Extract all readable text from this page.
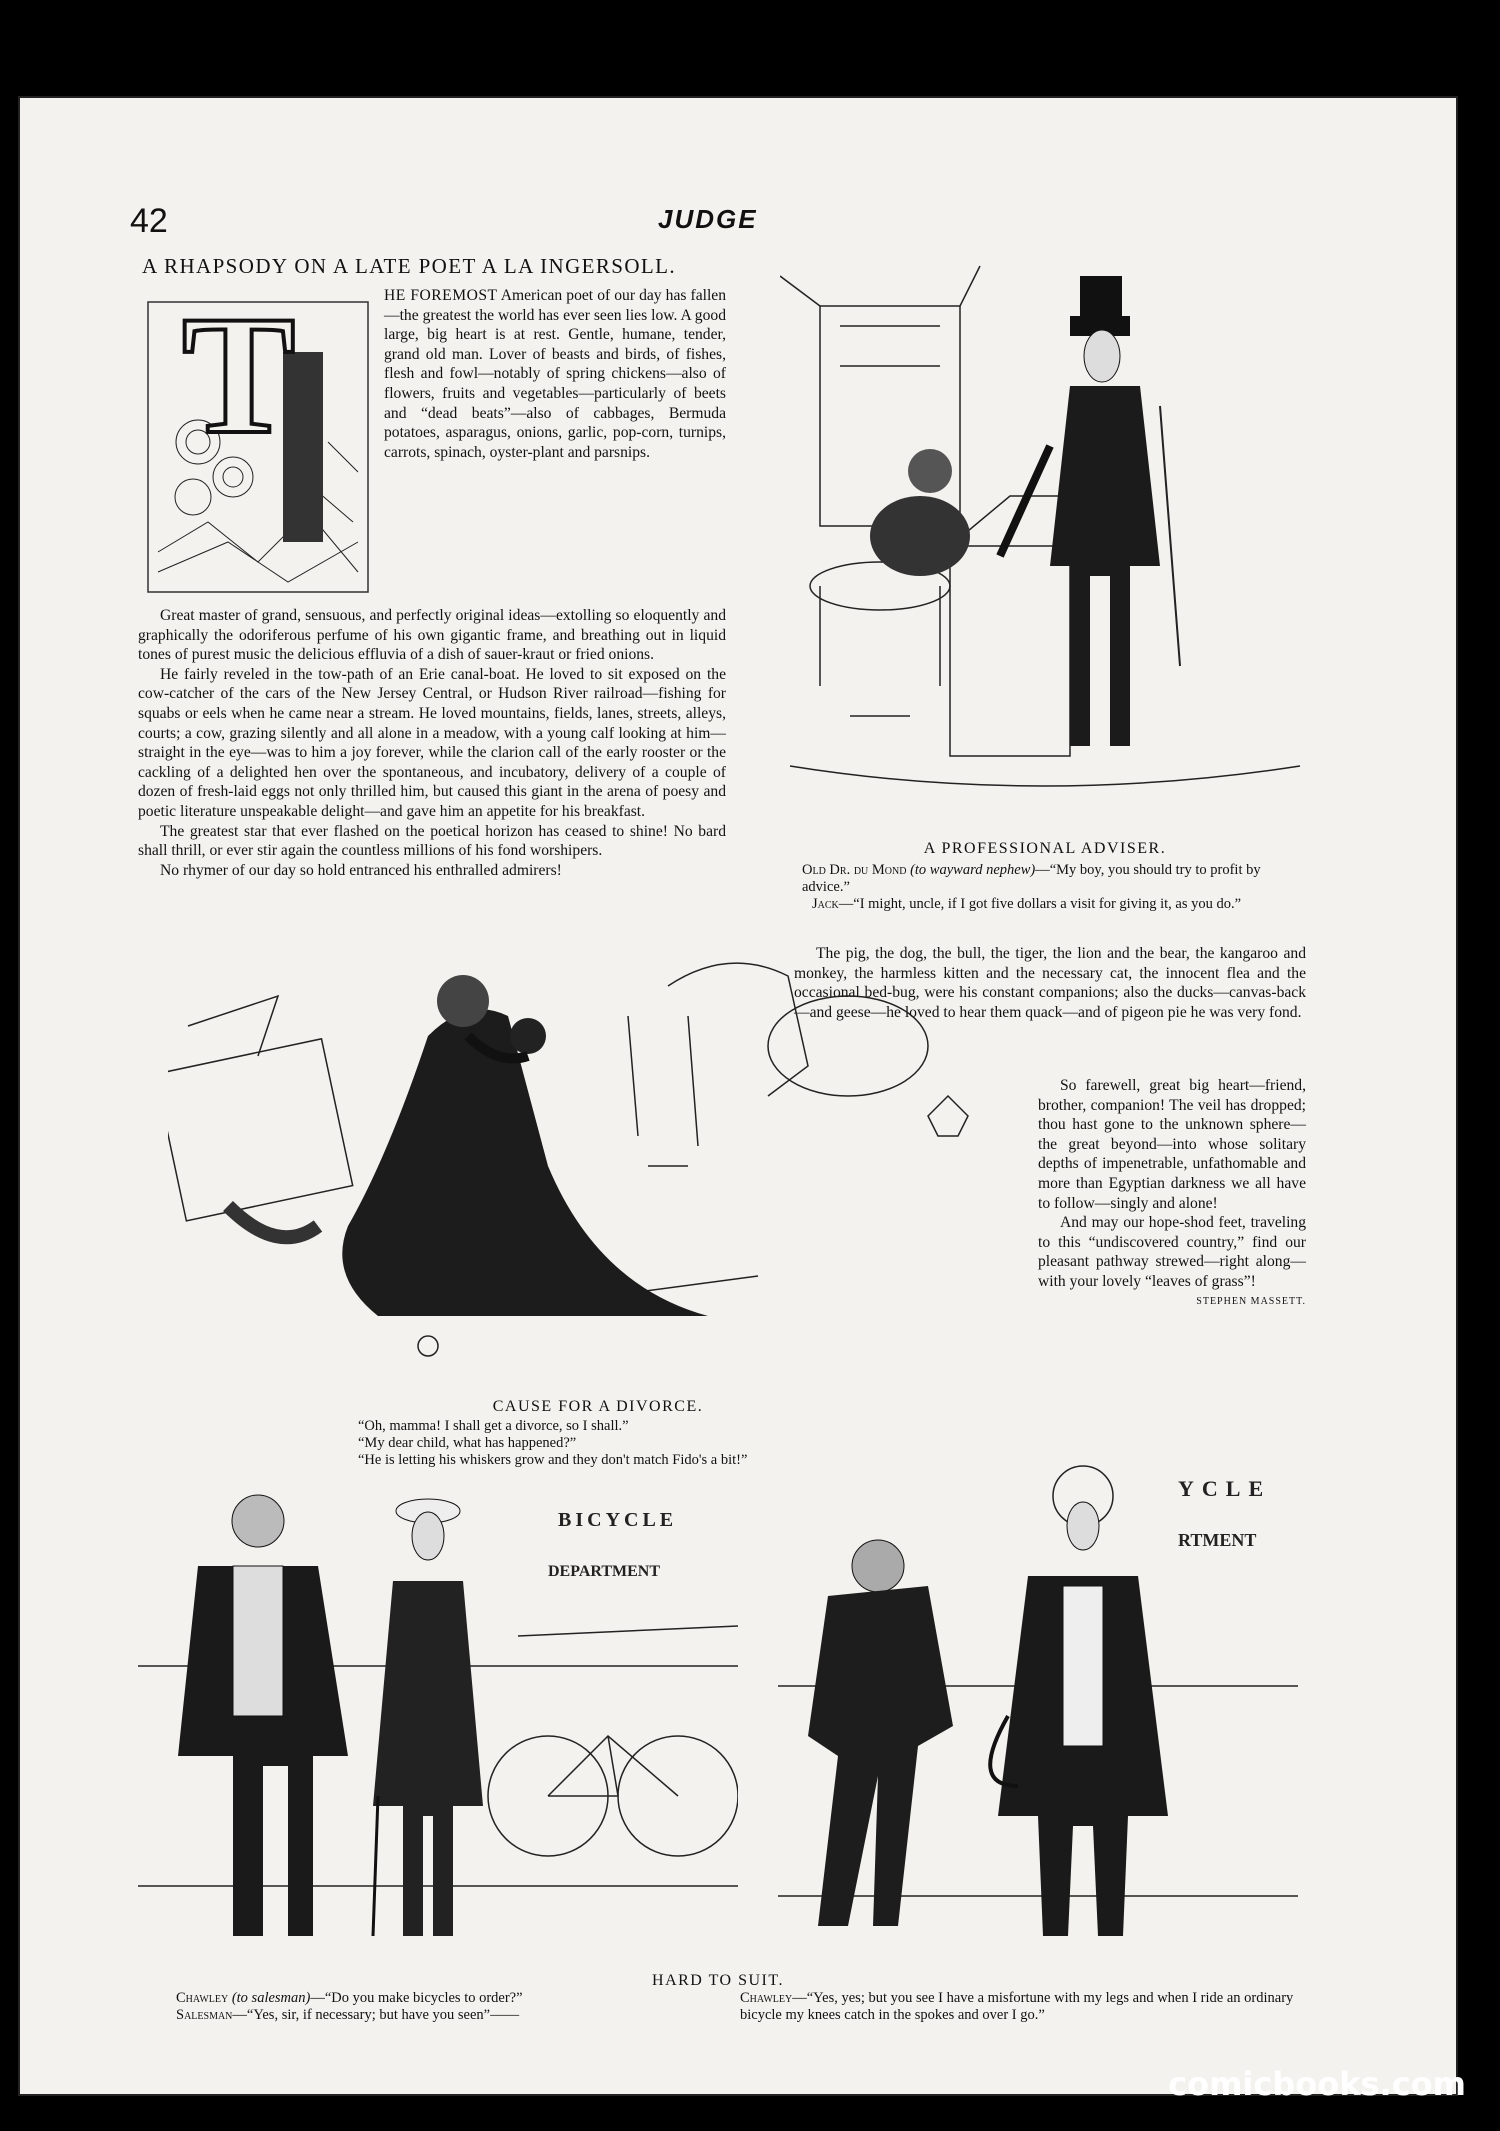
42	JUDGE
A RHAPSODY ON A LATE POET A LA INGERSOLL.
T	HE FOREMOST American poet of our day has fallen—the greatest the world has ever seen lies low. A good large, big heart is at rest. Gentle, humane, tender, grand old man. Lover of beasts and birds, of fishes, flesh and fowl—notably of spring chickens—also of flowers, fruits and vegetables—particularly of beets and “dead beats”—also of cabbages, Bermuda potatoes, asparagus, onions, garlic, pop-corn, turnips, carrots, spinach, oyster-plant and parsnips.

Great master of grand, sensuous, and perfectly original ideas—extolling so eloquently and graphically the odoriferous perfume of his own gigantic frame, and breathing out in liquid tones of purest music the delicious effluvia of a dish of sauer-kraut or fried onions.

He fairly reveled in the tow-path of an Erie canal-boat. He loved to sit exposed on the cow-catcher of the cars of the New Jersey Central, or Hudson River railroad—fishing for squabs or eels when he came near a stream. He loved mountains, fields, lanes, streets, alleys, courts; a cow, grazing silently and all alone in a meadow, with a young calf looking at him—straight in the eye—was to him a joy forever, while the clarion call of the early rooster or the cackling of a delighted hen over the spontaneous, and incubatory, delivery of a couple of dozen of fresh-laid eggs not only thrilled him, but caused this giant in the arena of poesy and poetic literature unspeakable delight—and gave him an appetite for his breakfast.

The greatest star that ever flashed on the poetical horizon has ceased to shine! No bard shall thrill, or ever stir again the countless millions of his fond worshipers.

No rhymer of our day so hold entranced his enthralled admirers!

A PROFESSIONAL ADVISER.
Old Dr. du Mond (to wayward nephew)—“My boy, you should try to profit by advice.”
Jack—“I might, uncle, if I got five dollars a visit for giving it, as you do.”

The pig, the dog, the bull, the tiger, the lion and the bear, the kangaroo and monkey, the harmless kitten and the necessary cat, the innocent flea and the occasional bed-bug, were his constant companions; also the ducks—canvas-back—and geese—he loved to hear them quack—and of pigeon pie he was very fond.

So farewell, great big heart—friend, brother, companion! The veil has dropped; thou hast gone to the unknown sphere—the great beyond—into whose solitary depths of impenetrable, unfathomable and more than Egyptian darkness we all have to follow—singly and alone!

And may our hope-shod feet, traveling to this “undiscovered country,” find our pleasant pathway strewed—right along—with your lovely “leaves of grass”!

STEPHEN MASSETT.
CAUSE FOR A DIVORCE.
“Oh, mamma! I shall get a divorce, so I shall.”
“My dear child, what has happened?”
“He is letting his whiskers grow and they don't match Fido's a bit!”
BICYCLE
DEPARTMENT
YCLE
RTMENT
HARD TO SUIT.
Chawley (to salesman)—“Do you make bicycles to order?”
Salesman—“Yes, sir, if necessary; but have you seen”——
Chawley—“Yes, yes; but you see I have a misfortune with my legs and when I ride an ordinary bicycle my knees catch in the spokes and over I go.”
comicbooks.com
